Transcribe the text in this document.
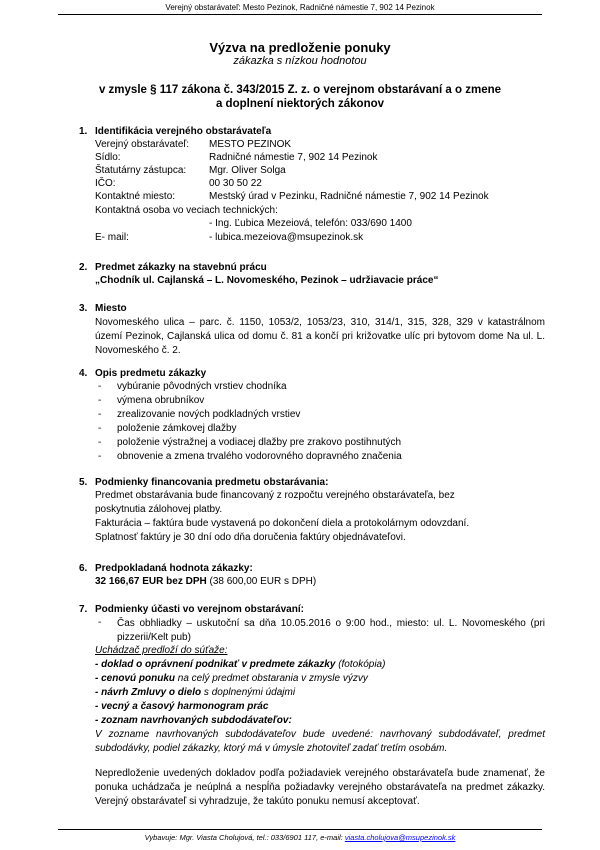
Verejný obstarávateľ: Mesto Pezinok, Radničné námestie 7, 902 14 Pezinok
Výzva na predloženie ponuky
zákazka s nízkou hodnotou
v zmysle § 117 zákona č. 343/2015 Z. z. o verejnom obstarávaní a o zmene
a doplnení niektorých zákonov
1. Identifikácia verejného obstarávateľa
Verejný obstarávateľ: MESTO PEZINOK
Sídlo:	Radničné námestie 7, 902 14 Pezinok
Štatutárny zástupca: Mgr. Oliver Solga
IČO:	00 30 50 22
Kontaktné miesto:	Mestský úrad v Pezinku, Radničné námestie 7, 902 14 Pezinok
Kontaktná osoba vo veciach technických:
- Ing. Ľubica Mezeiová, telefón: 033/690 1400
E- mail:	- lubica.mezeiova@msupezinok.sk
2. Predmet zákazky na stavebnú prácu
„Chodník ul. Cajlanská – L. Novomeského, Pezinok – udržiavacie práce“
3. Miesto
Novomeského ulica – parc. č. 1150, 1053/2, 1053/23, 310, 314/1, 315, 328, 329 v katastrálnom území Pezinok, Cajlanská ulica od domu č. 81 a končí pri križovatke ulíc pri bytovom dome Na ul. L. Novomeského č. 2.
4. Opis predmetu zákazky
- vybúranie pôvodných vrstiev chodníka
- výmena obrubníkov
- zrealizovanie nových podkladných vrstiev
- položenie zámkovej dlažby
- položenie výstražnej a vodiacej dlažby pre zrakovo postihnutých
- obnovenie a zmena trvalého vodorovného dopravného značenia
5. Podmienky financovania predmetu obstarávania:
Predmet obstarávania bude financovaný z rozpočtu verejného obstarávateľa, bez
poskytnutia zálohovej platby.
Fakturácia – faktúra bude vystavená po dokončení diela a protokolárnym odovzdaní.
Splatnosť faktúry je 30 dní odo dňa doručenia faktúry objednávateľovi.
6. Predpokladaná hodnota zákazky:
32 166,67 EUR bez DPH (38 600,00 EUR s DPH)
7. Podmienky účasti vo verejnom obstarávaní:
- Čas obhliadky – uskutoční sa dňa 10.05.2016 o 9:00 hod., miesto: ul. L. Novomeského (pri pizzerii/Kelt pub)
Uchádzač predloží do súťaže:
- doklad o oprávnení podnikať v predmete zákazky (fotokópia)
- cenovú ponuku na celý predmet obstarania v zmysle výzvy
- návrh Zmluvy o dielo s doplnenými údajmi
- vecný a časový harmonogram prác
- zoznam navrhovaných subdodávateľov:
V zozname navrhovaných subdodávateľov bude uvedené: navrhovaný subdodávateľ, predmet subdodávky, podiel zákazky, ktorý má v úmysle zhotoviteľ zadať tretím osobám.
Nepredloženie uvedených dokladov podľa požiadaviek verejného obstarávateľa bude znamenať, že ponuka uchádzača je neúplná a nespĺňa požiadavky verejného obstarávateľa na predmet zákazky. Verejný obstarávateľ si vyhradzuje, že takúto ponuku nemusí akceptovať.
Vybavuje: Mgr. Viasta Cholujová, tel.: 033/6901 117, e-mail: viasta.cholujova@msupezinok.sk
